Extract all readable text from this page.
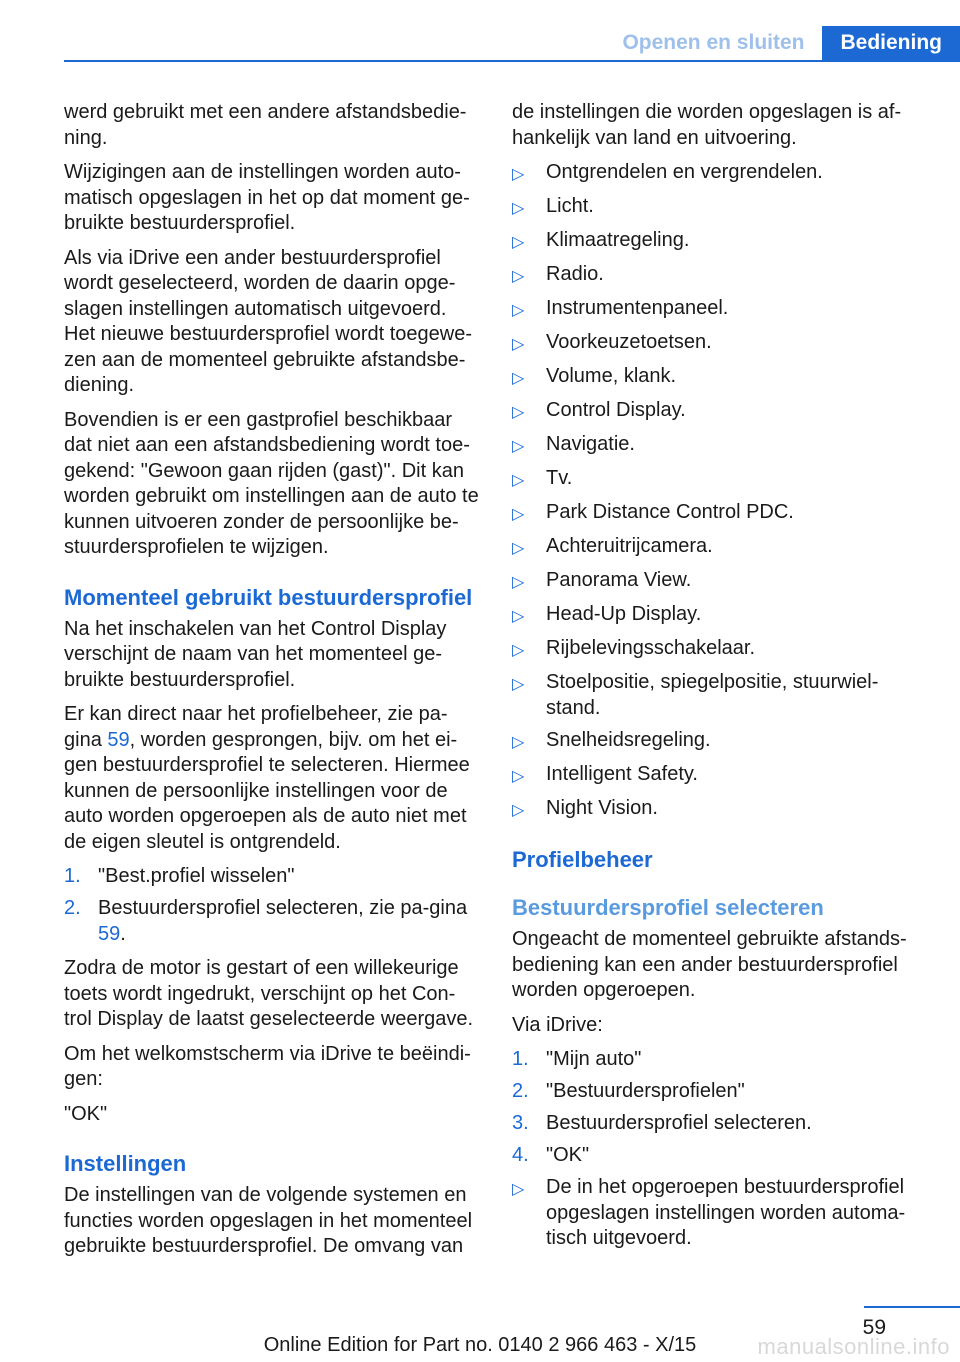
Openen en sluiten	Bediening

werd gebruikt met een andere afstandsbedie‐ning.

Wijzigingen aan de instellingen worden auto‐matisch opgeslagen in het op dat moment ge‐bruikte bestuurdersprofiel.

Als via iDrive een ander bestuurdersprofiel wordt geselecteerd, worden de daarin opge‐slagen instellingen automatisch uitgevoerd. Het nieuwe bestuurdersprofiel wordt toegewe‐zen aan de momenteel gebruikte afstandsbe‐diening.

Bovendien is er een gastprofiel beschikbaar dat niet aan een afstandsbediening wordt toe‐gekend: "Gewoon gaan rijden (gast)". Dit kan worden gebruikt om instellingen aan de auto te kunnen uitvoeren zonder de persoonlijke be‐stuurdersprofielen te wijzigen.

Momenteel gebruikt bestuurdersprofiel

Na het inschakelen van het Control Display verschijnt de naam van het momenteel ge‐bruikte bestuurdersprofiel.

Er kan direct naar het profielbeheer, zie pa‐gina 59, worden gesprongen, bijv. om het ei‐gen bestuurdersprofiel te selecteren. Hiermee kunnen de persoonlijke instellingen voor de auto worden opgeroepen als de auto niet met de eigen sleutel is ontgrendeld.

1. "Best.profiel wisselen"
2. Bestuurdersprofiel selecteren, zie pa‐gina 59.

Zodra de motor is gestart of een willekeurige toets wordt ingedrukt, verschijnt op het Con‐trol Display de laatst geselecteerde weergave.

Om het welkomstscherm via iDrive te beëindi‐gen:

"OK"

Instellingen

De instellingen van de volgende systemen en functies worden opgeslagen in het momenteel gebruikte bestuurdersprofiel. De omvang van

de instellingen die worden opgeslagen is af‐hankelijk van land en uitvoering.

▷	Ontgrendelen en vergrendelen.
▷	Licht.
▷	Klimaatregeling.
▷	Radio.
▷	Instrumentenpaneel.
▷	Voorkeuzetoetsen.
▷	Volume, klank.
▷	Control Display.
▷	Navigatie.
▷	Tv.
▷	Park Distance Control PDC.
▷	Achteruitrijcamera.
▷	Panorama View.
▷	Head-Up Display.
▷	Rijbelevingsschakelaar.
▷	Stoelpositie, spiegelpositie, stuurwiel‐stand.
▷	Snelheidsregeling.
▷	Intelligent Safety.
▷	Night Vision.
Profielbeheer
Bestuurdersprofiel selecteren

Ongeacht de momenteel gebruikte afstands‐bediening kan een ander bestuurdersprofiel worden opgeroepen.

Via iDrive:

1. "Mijn auto"
2. "Bestuurdersprofielen"
3. Bestuurdersprofiel selecteren.
4. "OK"
▷	De in het opgeroepen bestuurdersprofiel opgeslagen instellingen worden automa‐tisch uitgevoerd.
59
Online Edition for Part no. 0140 2 966 463 - X/15	manualsonline.info
